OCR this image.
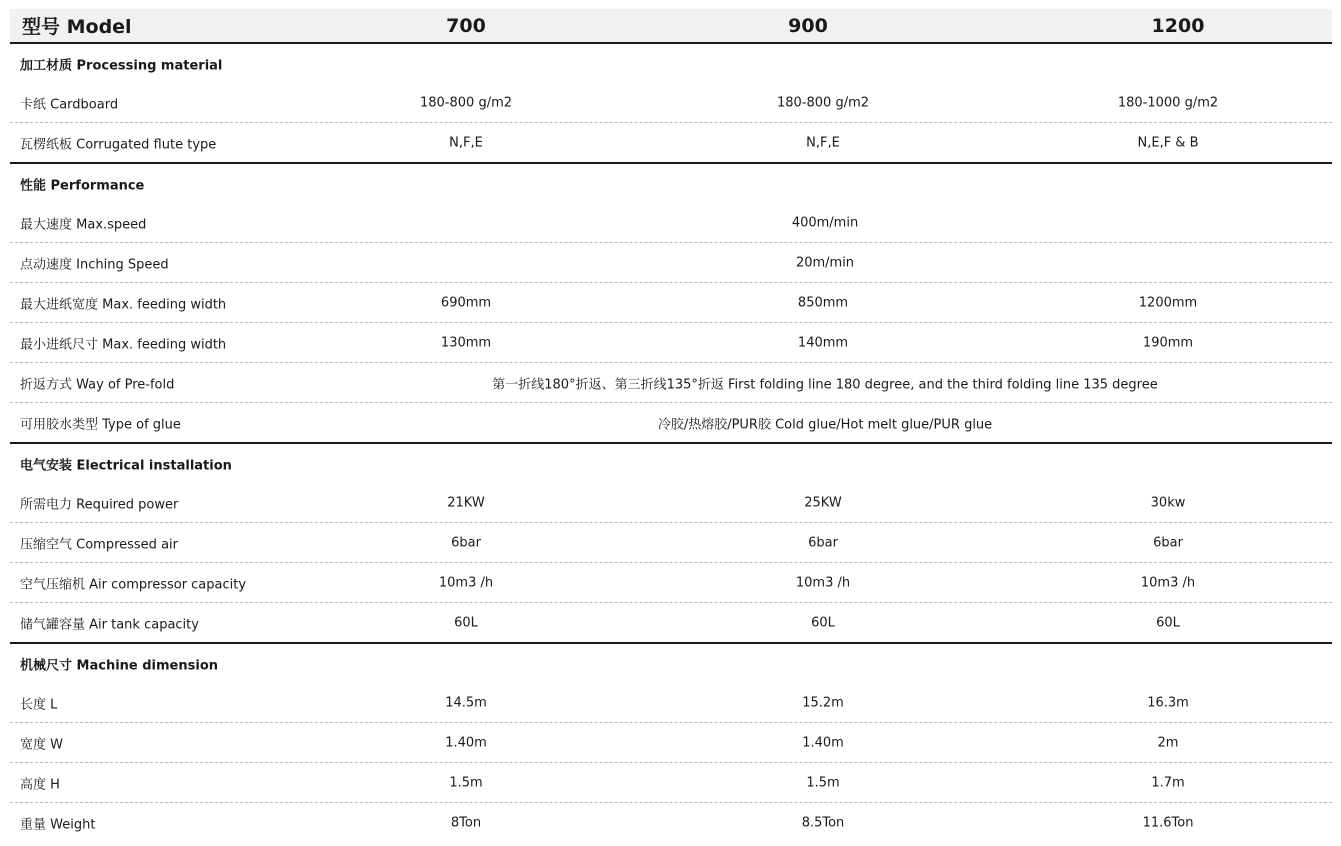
型号 Model	700	900	1200
加工材质 Processing material
卡纸 Cardboard	180-800 g/m2	180-800 g/m2	180-1000 g/m2
瓦楞纸板 Corrugated flute type	N,F,E	N,F,E	N,E,F & B
性能 Performance
最大速度 Max.speed	400m/min
点动速度 Inching Speed	20m/min
最大进纸宽度 Max. feeding width	690mm	850mm	1200mm
最小进纸尺寸 Max. feeding width	130mm	140mm	190mm
折返方式 Way of Pre-fold	第一折线180°折返、第三折线135°折返 First folding line 180 degree, and the third folding line 135 degree
可用胶水类型 Type of glue	冷胶/热熔胶/PUR胶 Cold glue/Hot melt glue/PUR glue
电气安装 Electrical installation
所需电力 Required power	21KW	25KW	30kw
压缩空气 Compressed air	6bar	6bar	6bar
空气压缩机 Air compressor capacity	10m3 /h	10m3 /h	10m3 /h
储气罐容量 Air tank capacity	60L	60L	60L
机械尺寸 Machine dimension
长度 L	14.5m	15.2m	16.3m
宽度 W	1.40m	1.40m	2m
高度 H	1.5m	1.5m	1.7m
重量 Weight	8Ton	8.5Ton	11.6Ton
